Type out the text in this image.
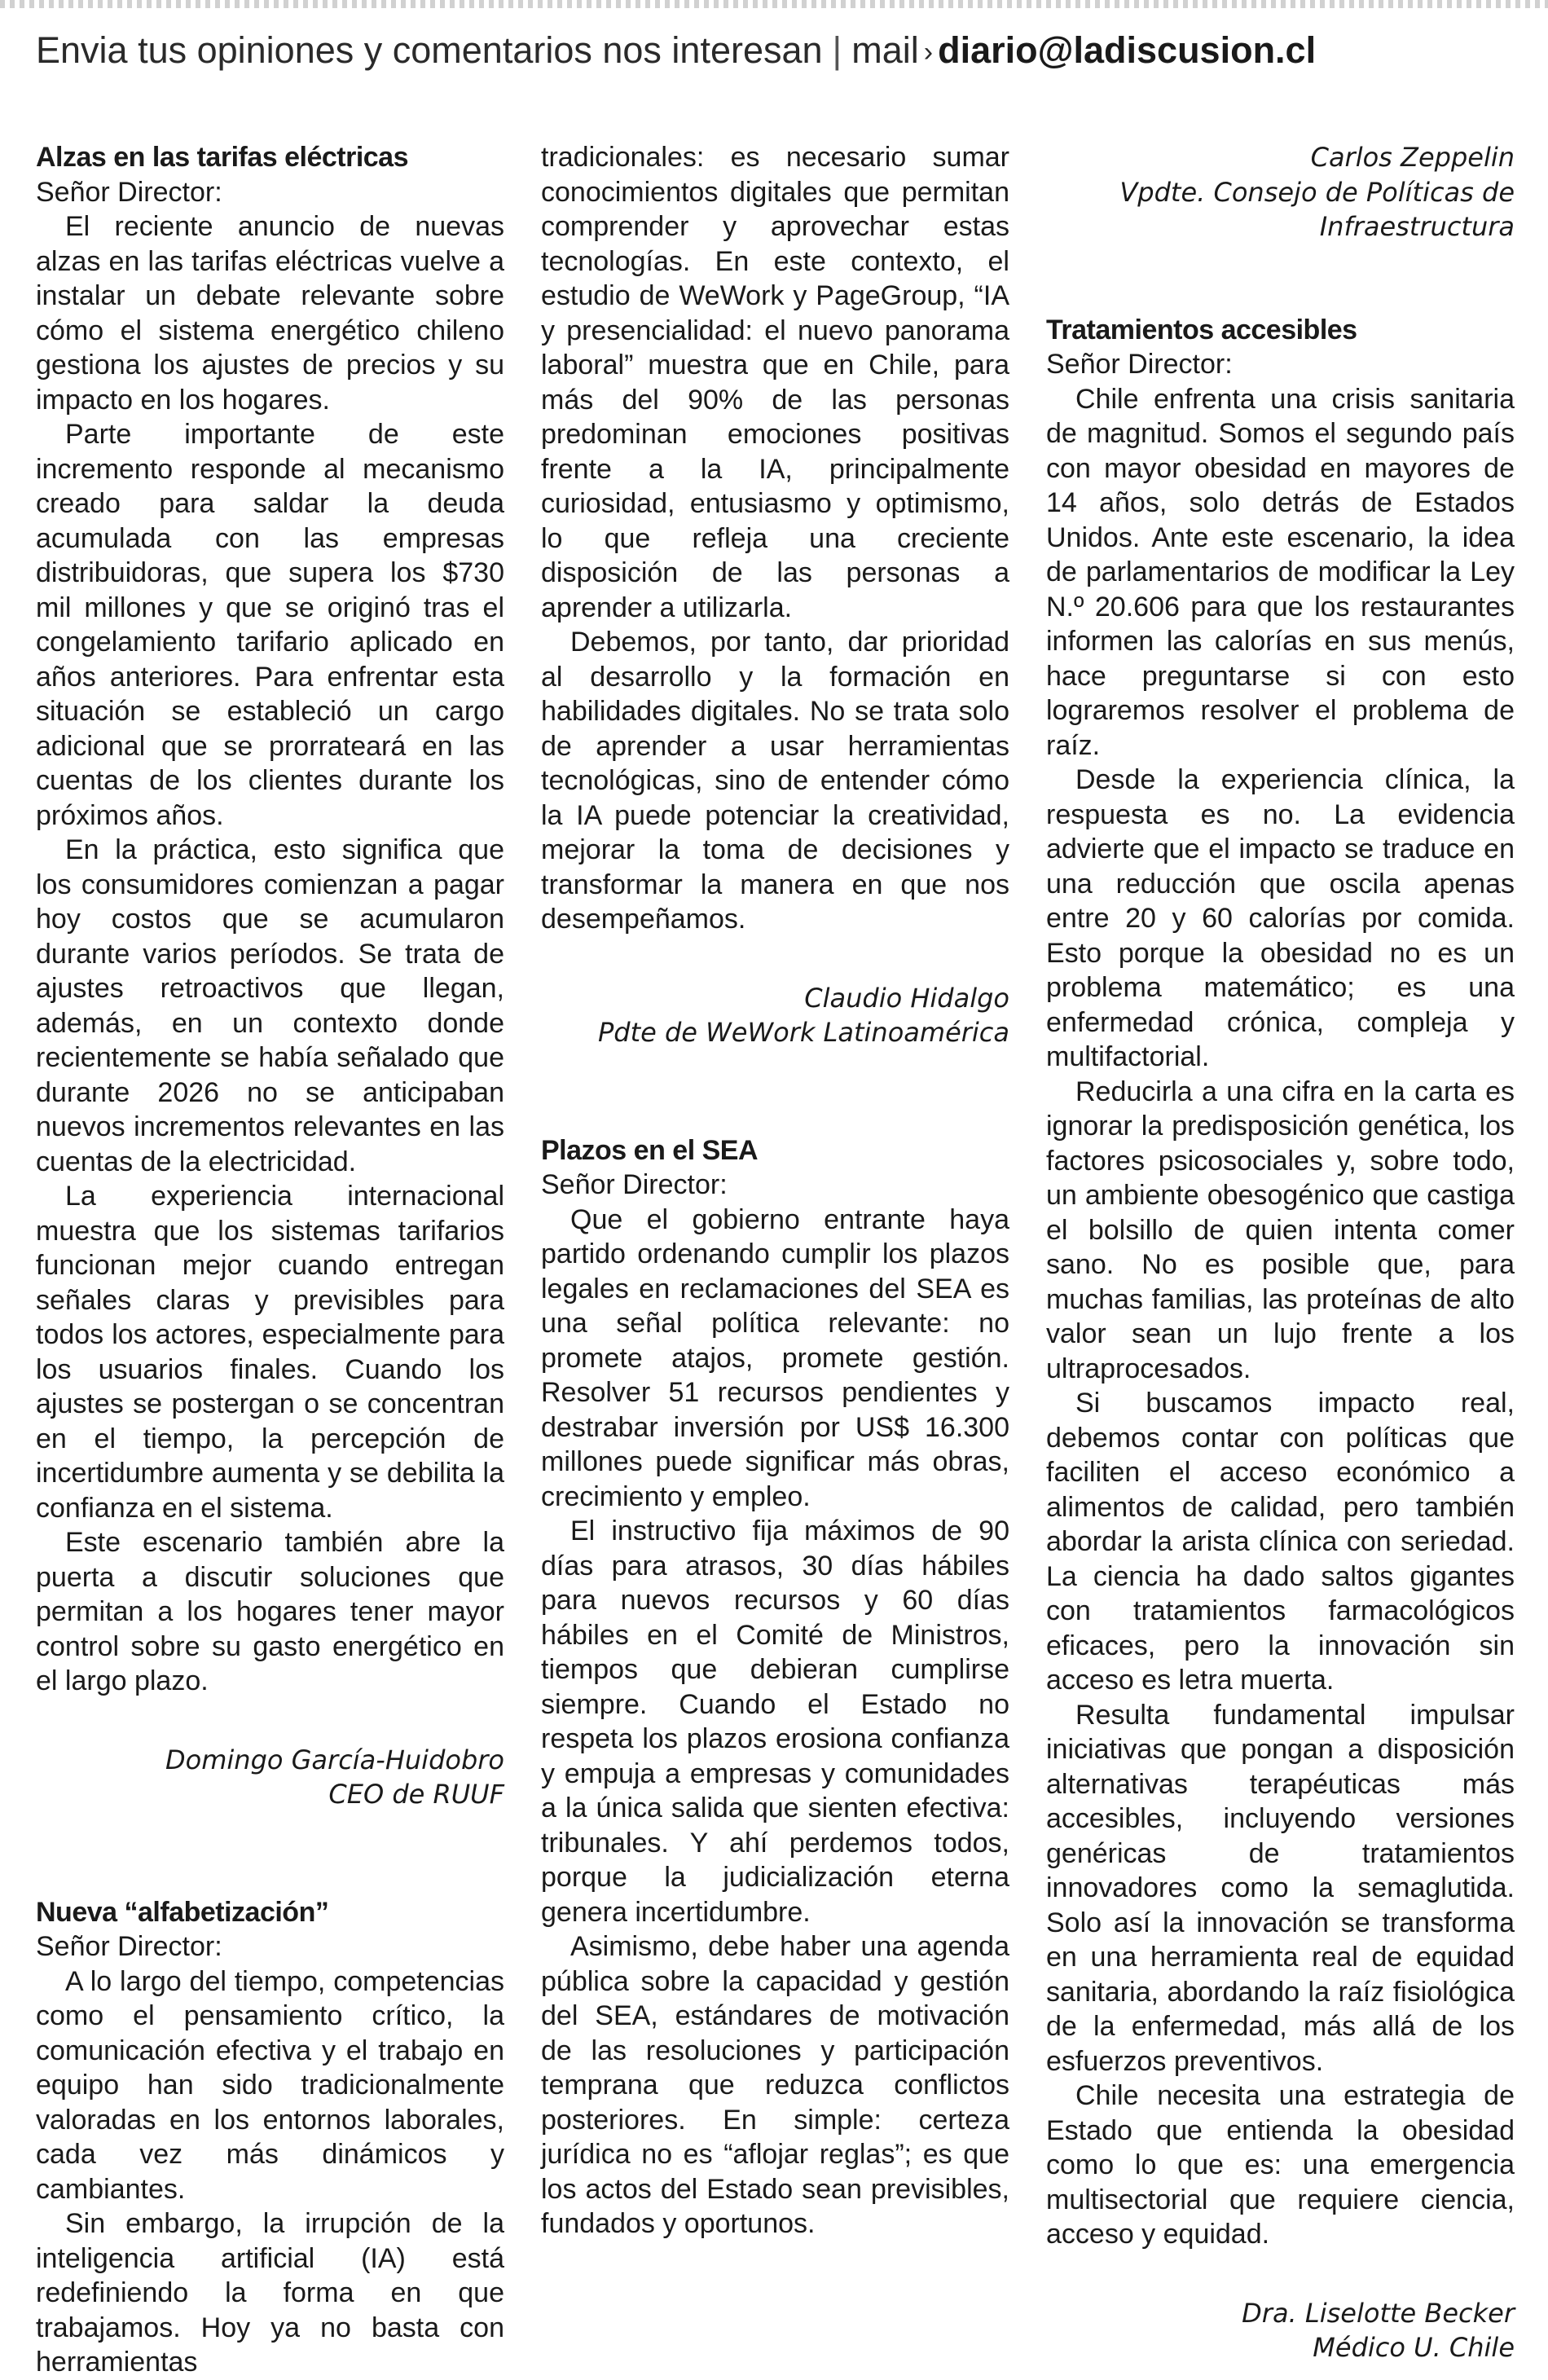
Envia tus opiniones y comentarios nos interesan | mail › diario@ladiscusion.cl
Alzas en las tarifas eléctricas

Señor Director:

El reciente anuncio de nuevas alzas en las tarifas eléctricas vuelve a instalar un debate relevante sobre cómo el sistema energético chileno gestiona los ajustes de precios y su impacto en los hogares.

Parte importante de este incremento responde al mecanismo creado para saldar la deuda acumulada con las empresas distribuidoras, que supera los $730 mil millones y que se originó tras el congelamiento tarifario aplicado en años anteriores. Para enfrentar esta situación se estableció un cargo adicional que se prorrateará en las cuentas de los clientes durante los próximos años.

En la práctica, esto significa que los consumidores comienzan a pagar hoy costos que se acumularon durante varios períodos. Se trata de ajustes retroactivos que llegan, además, en un contexto donde recientemente se había señalado que durante 2026 no se anticipaban nuevos incrementos relevantes en las cuentas de la electricidad.

La experiencia internacional muestra que los sistemas tarifarios funcionan mejor cuando entregan señales claras y previsibles para todos los actores, especialmente para los usuarios finales. Cuando los ajustes se postergan o se concentran en el tiempo, la percepción de incertidumbre aumenta y se debilita la confianza en el sistema.

Este escenario también abre la puerta a discutir soluciones que permitan a los hogares tener mayor control sobre su gasto energético en el largo plazo.

Domingo García-Huidobro
CEO de RUUF
Nueva “alfabetización”

Señor Director:

A lo largo del tiempo, competencias como el pensamiento crítico, la comunicación efectiva y el trabajo en equipo han sido tradicionalmente valoradas en los entornos laborales, cada vez más dinámicos y cambiantes.

Sin embargo, la irrupción de la inteligencia artificial (IA) está redefiniendo la forma en que trabajamos. Hoy ya no basta con herramientas

tradicionales: es necesario sumar conocimientos digitales que permitan comprender y aprovechar estas tecnologías. En este contexto, el estudio de WeWork y PageGroup, “IA y presencialidad: el nuevo panorama laboral” muestra que en Chile, para más del 90% de las personas predominan emociones positivas frente a la IA, principalmente curiosidad, entusiasmo y optimismo, lo que refleja una creciente disposición de las personas a aprender a utilizarla.

Debemos, por tanto, dar prioridad al desarrollo y la formación en habilidades digitales. No se trata solo de aprender a usar herramientas tecnológicas, sino de entender cómo la IA puede potenciar la creatividad, mejorar la toma de decisiones y transformar la manera en que nos desempeñamos.

Claudio Hidalgo
Pdte de WeWork Latinoamérica
Plazos en el SEA

Señor Director:

Que el gobierno entrante haya partido ordenando cumplir los plazos legales en reclamaciones del SEA es una señal política relevante: no promete atajos, promete gestión. Resolver 51 recursos pendientes y destrabar inversión por US$ 16.300 millones puede significar más obras, crecimiento y empleo.

El instructivo fija máximos de 90 días para atrasos, 30 días hábiles para nuevos recursos y 60 días hábiles en el Comité de Ministros, tiempos que debieran cumplirse siempre. Cuando el Estado no respeta los plazos erosiona confianza y empuja a empresas y comunidades a la única salida que sienten efectiva: tribunales. Y ahí perdemos todos, porque la judicialización eterna genera incertidumbre.

Asimismo, debe haber una agenda pública sobre la capacidad y gestión del SEA, estándares de motivación de las resoluciones y participación temprana que reduzca conflictos posteriores. En simple: certeza jurídica no es “aflojar reglas”; es que los actos del Estado sean previsibles, fundados y oportunos.

Carlos Zeppelin
Vpdte. Consejo de Políticas de
Infraestructura
Tratamientos accesibles

Señor Director:

Chile enfrenta una crisis sanitaria de magnitud. Somos el segundo país con mayor obesidad en mayores de 14 años, solo detrás de Estados Unidos. Ante este escenario, la idea de parlamentarios de modificar la Ley N.º 20.606 para que los restaurantes informen las calorías en sus menús, hace preguntarse si con esto lograremos resolver el problema de raíz.

Desde la experiencia clínica, la respuesta es no. La evidencia advierte que el impacto se traduce en una reducción que oscila apenas entre 20 y 60 calorías por comida. Esto porque la obesidad no es un problema matemático; es una enfermedad crónica, compleja y multifactorial.

Reducirla a una cifra en la carta es ignorar la predisposición genética, los factores psicosociales y, sobre todo, un ambiente obesogénico que castiga el bolsillo de quien intenta comer sano. No es posible que, para muchas familias, las proteínas de alto valor sean un lujo frente a los ultraprocesados.

Si buscamos impacto real, debemos contar con políticas que faciliten el acceso económico a alimentos de calidad, pero también abordar la arista clínica con seriedad. La ciencia ha dado saltos gigantes con tratamientos farmacológicos eficaces, pero la innovación sin acceso es letra muerta.

Resulta fundamental impulsar iniciativas que pongan a disposición alternativas terapéuticas más accesibles, incluyendo versiones genéricas de tratamientos innovadores como la semaglutida. Solo así la innovación se transforma en una herramienta real de equidad sanitaria, abordando la raíz fisiológica de la enfermedad, más allá de los esfuerzos preventivos.

Chile necesita una estrategia de Estado que entienda la obesidad como lo que es: una emergencia multisectorial que requiere ciencia, acceso y equidad.

Dra. Liselotte Becker
Médico U. Chile
